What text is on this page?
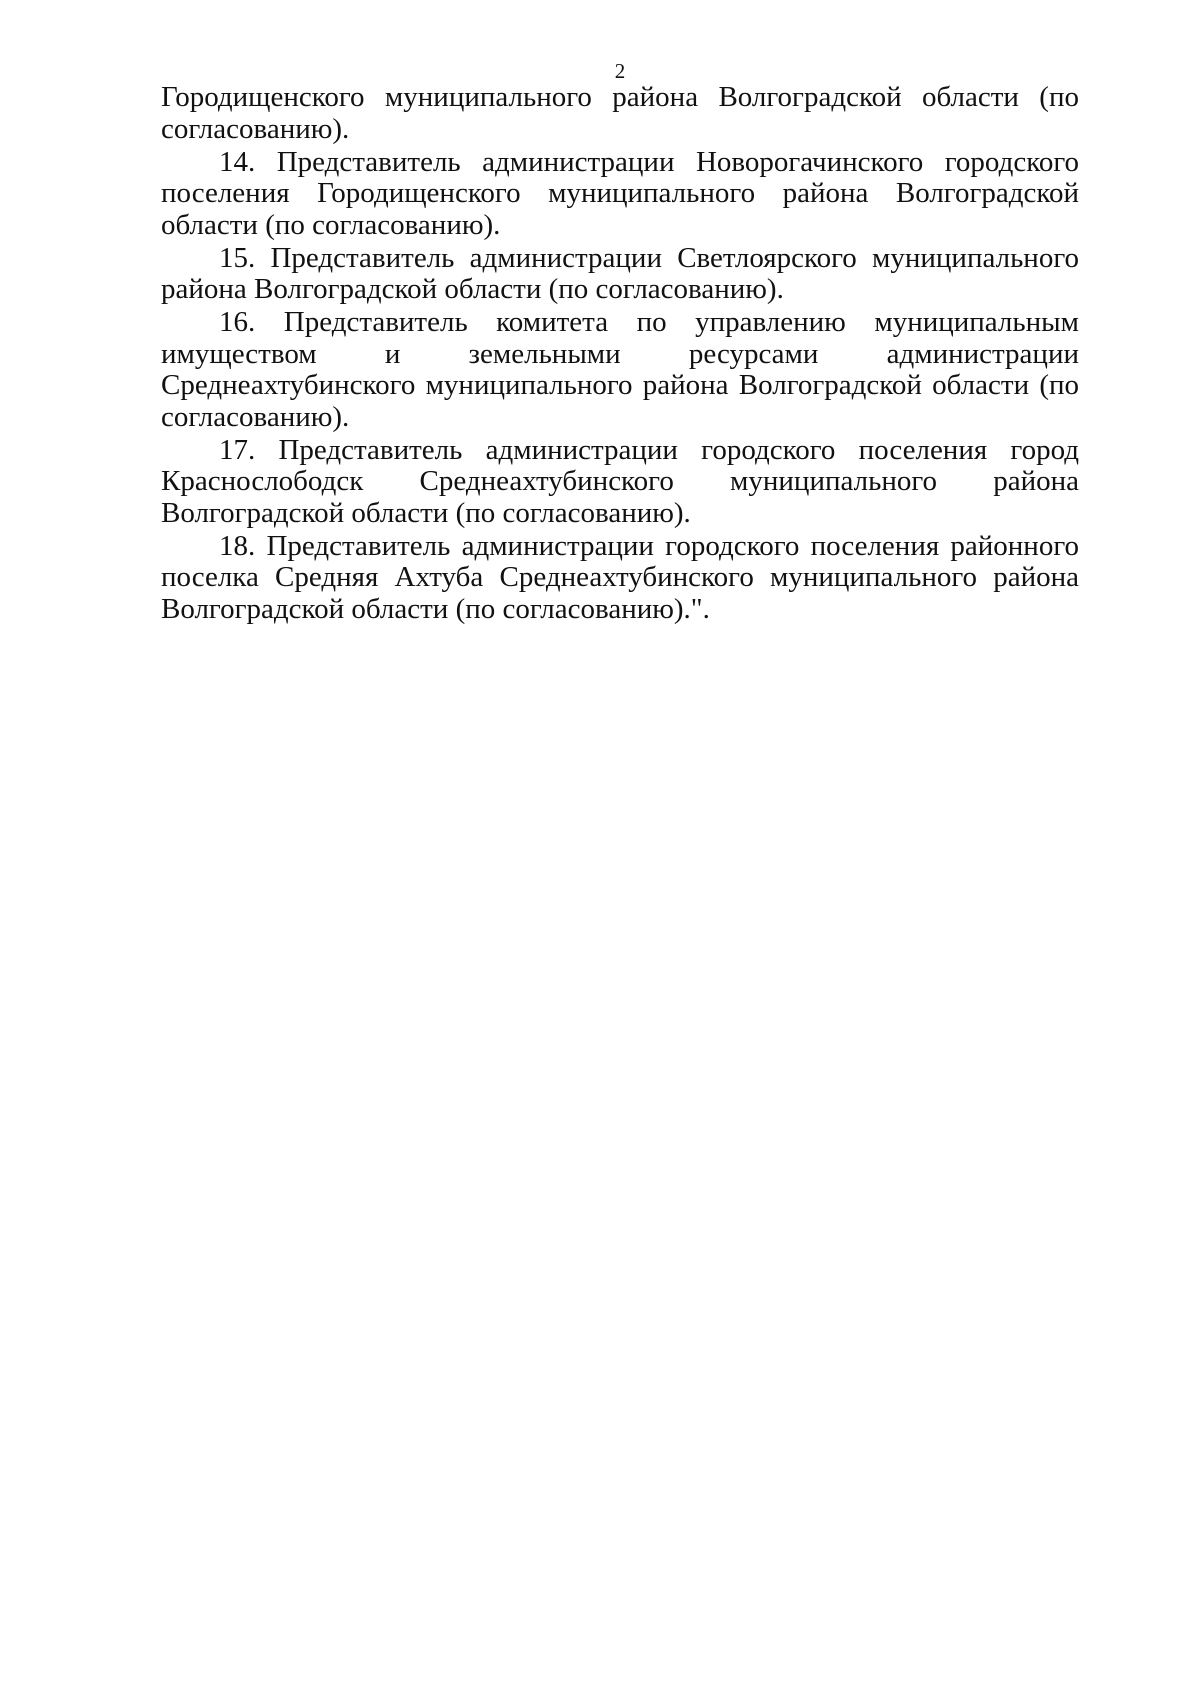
2

Городищенского муниципального района Волгоградской области (по согласованию).

14. Представитель администрации Новорогачинского городского поселения Городищенского муниципального района Волгоградской области (по согласованию).

15. Представитель администрации Светлоярского муниципального района Волгоградской области (по согласованию).

16. Представитель комитета по управлению муниципальным имуществом и земельными ресурсами администрации Среднеахтубинского муниципального района Волгоградской области (по согласованию).

17. Представитель администрации городского поселения город Краснослободск Среднеахтубинского муниципального района Волгоградской области (по согласованию).

18. Представитель администрации городского поселения районного поселка Средняя Ахтуба Среднеахтубинского муниципального района Волгоградской области (по согласованию).".
